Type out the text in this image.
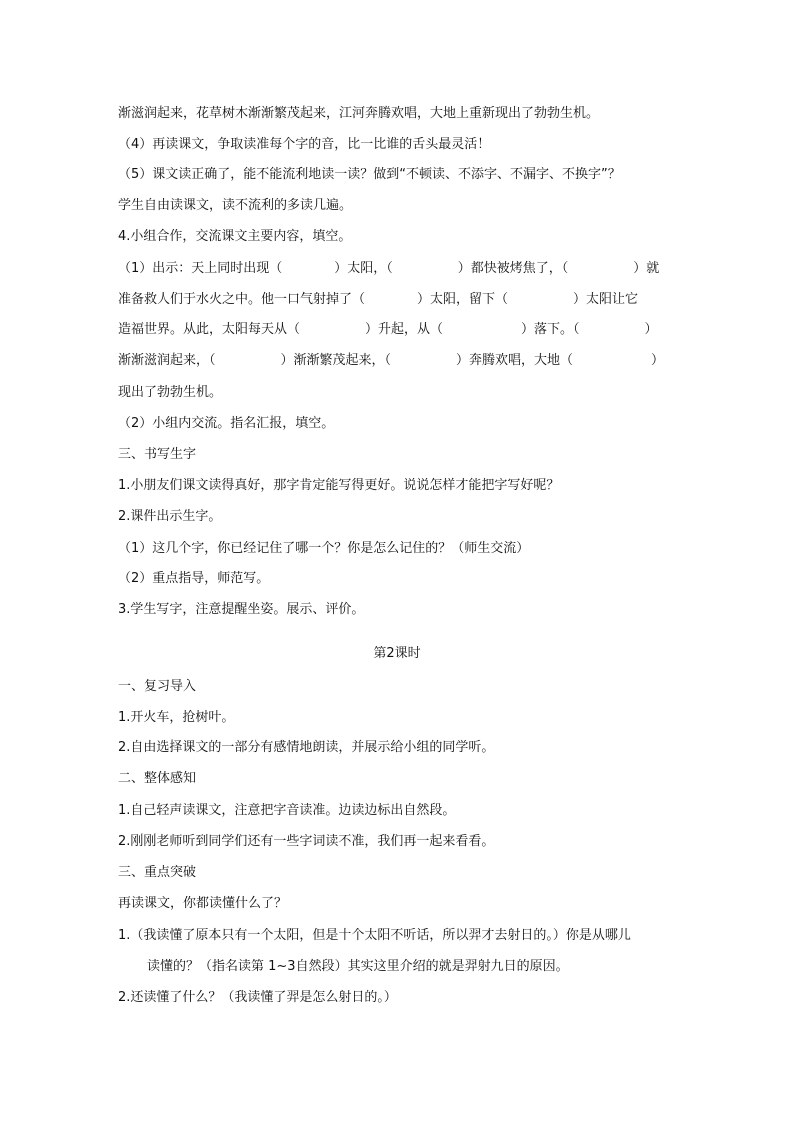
渐滋润起来，花草树木渐渐繁茂起来，江河奔腾欢唱，大地上重新现出了勃勃生机。
（4）再读课文，争取读准每个字的音，比一比谁的舌头最灵活！
（5）课文读正确了，能不能流利地读一读？做到“不顿读、不添字、不漏字、不换字”？
学生自由读课文，读不流利的多读几遍。
4.小组合作，交流课文主要内容，填空。
（1）出示：天上同时出现（　　　　）太阳，（　　　　　）都快被烤焦了，（　　　　　）就
准备救人们于水火之中。他一口气射掉了（　　　　）太阳，留下（　　　　　）太阳让它
造福世界。从此，太阳每天从（　　　　　）升起，从（　　　　　　）落下。（　　　　　）
渐渐滋润起来，（　　　　　）渐渐繁茂起来，（　　　　　）奔腾欢唱，大地（　　　　　　）
现出了勃勃生机。
（2）小组内交流。指名汇报，填空。
三、书写生字
1.小朋友们课文读得真好，那字肯定能写得更好。说说怎样才能把字写好呢？
2.课件出示生字。
（1）这几个字，你已经记住了哪一个？你是怎么记住的？（师生交流）
（2）重点指导，师范写。
3.学生写字，注意提醒坐姿。展示、评价。
第2课时
一、复习导入
1.开火车，抢树叶。
2.自由选择课文的一部分有感情地朗读，并展示给小组的同学听。
二、整体感知
1.自己轻声读课文，注意把字音读准。边读边标出自然段。
2.刚刚老师听到同学们还有一些字词读不准，我们再一起来看看。
三、重点突破
再读课文，你都读懂什么了？
1.（我读懂了原本只有一个太阳，但是十个太阳不听话，所以羿才去射日的。）你是从哪儿
读懂的？（指名读第 1~3自然段）其实这里介绍的就是羿射九日的原因。
2.还读懂了什么？（我读懂了羿是怎么射日的。）
